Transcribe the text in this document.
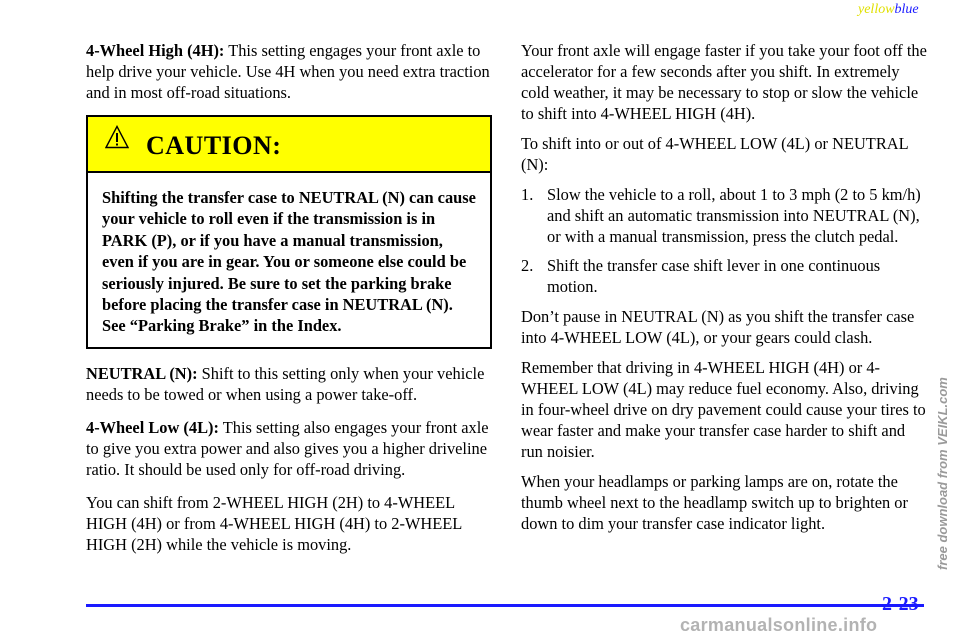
yellowblue

4-Wheel High (4H): This setting engages your front axle to help drive your vehicle. Use 4H when you need extra traction and in most off-road situations.

CAUTION:
Shifting the transfer case to NEUTRAL (N) can cause your vehicle to roll even if the transmission is in PARK (P), or if you have a manual transmission, even if you are in gear. You or someone else could be seriously injured. Be sure to set the parking brake before placing the transfer case in NEUTRAL (N). See “Parking Brake” in the Index.

NEUTRAL (N): Shift to this setting only when your vehicle needs to be towed or when using a power take-off.

4-Wheel Low (4L): This setting also engages your front axle to give you extra power and also gives you a higher driveline ratio. It should be used only for off-road driving.

You can shift from 2-WHEEL HIGH (2H) to 4-WHEEL HIGH (4H) or from 4-WHEEL HIGH (4H) to 2-WHEEL HIGH (2H) while the vehicle is moving.

Your front axle will engage faster if you take your foot off the accelerator for a few seconds after you shift. In extremely cold weather, it may be necessary to stop or slow the vehicle to shift into 4-WHEEL HIGH (4H).

To shift into or out of 4-WHEEL LOW (4L) or NEUTRAL (N):

1. Slow the vehicle to a roll, about 1 to 3 mph (2 to 5 km/h) and shift an automatic transmission into NEUTRAL (N), or with a manual transmission, press the clutch pedal.
2. Shift the transfer case shift lever in one continuous motion.

Don’t pause in NEUTRAL (N) as you shift the transfer case into 4-WHEEL LOW (4L), or your gears could clash.

Remember that driving in 4-WHEEL HIGH (4H) or 4-WHEEL LOW (4L) may reduce fuel economy. Also, driving in four-wheel drive on dry pavement could cause your tires to wear faster and make your transfer case harder to shift and run noisier.

When your headlamps or parking lamps are on, rotate the thumb wheel next to the headlamp switch up to brighten or down to dim your transfer case indicator light.	free download from VEIKL.com
2-23
carmanualsonline.info
